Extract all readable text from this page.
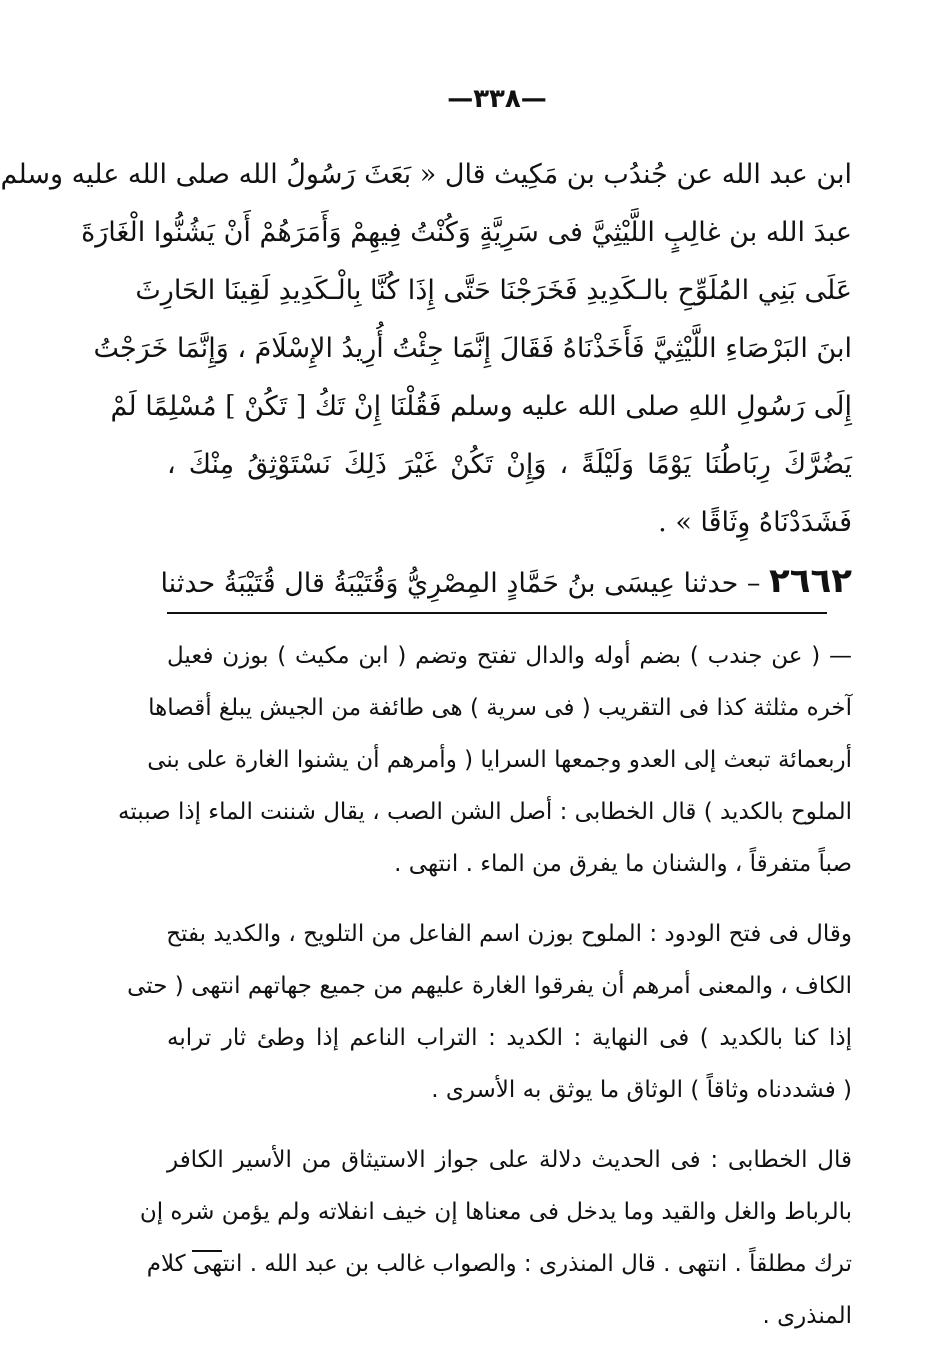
—٣٣٨—
ابن عبد الله عن جُندُب بن مَكِيث قال « بَعَثَ رَسُولُ الله صلى الله عليه وسلم
عبدَ الله بن غالِبٍ اللَّيْثِيَّ فى سَرِيَّةٍ وَكُنْتُ فِيهِمْ وَأَمَرَهُمْ أَنْ يَشُنُّوا الْغَارَةَ
عَلَى بَنِي المُلَوِّحِ بالـكَدِيدِ فَخَرَجْنَا حَتَّى إِذَا كُنَّا بِالْـكَدِيدِ لَقِينَا الحَارِثَ
ابنَ البَرْصَاءِ اللَّيْثِيَّ فَأَخَذْنَاهُ فَقَالَ إِنَّمَا جِئْتُ أُرِيدُ الإِسْلَامَ ، وَإِنَّمَا خَرَجْتُ
إِلَى رَسُولِ اللهِ صلى الله عليه وسلم فَقُلْنَا إِنْ تَكُ [ تَكُنْ ] مُسْلِمًا لَمْ
يَضُرَّكَ رِبَاطُنَا يَوْمًا وَلَيْلَةً ، وَإِنْ تَكُنْ غَيْرَ ذَلِكَ نَسْتَوْثِقُ مِنْكَ ،
فَشَدَدْنَاهُ وِثَاقًا » .
٢٦٦٢ – حدثنا عِيسَى بنُ حَمَّادٍ المِصْرِيُّ وَقُتَيْبَةُ قال قُتَيْبَةُ حدثنا
— ( عن جندب ) بضم أوله والدال تفتح وتضم ( ابن مكيث ) بوزن فعيل
آخره مثلثة كذا فى التقريب ( فى سرية ) هى طائفة من الجيش يبلغ أقصاها
أربعمائة تبعث إلى العدو وجمعها السرايا ( وأمرهم أن يشنوا الغارة على بنى
الملوح بالكديد ) قال الخطابى : أصل الشن الصب ، يقال شننت الماء إذا صببته
صباً متفرقاً ، والشنان ما يفرق من الماء . انتهى .
وقال فى فتح الودود : الملوح بوزن اسم الفاعل من التلويح ، والكديد بفتح
الكاف ، والمعنى أمرهم أن يفرقوا الغارة عليهم من جميع جهاتهم انتهى ( حتى
إذا كنا بالكديد ) فى النهاية : الكديد : التراب الناعم إذا وطئ ثار ترابه
( فشددناه وثاقاً ) الوثاق ما يوثق به الأسرى .
قال الخطابى : فى الحديث دلالة على جواز الاستيثاق من الأسير الكافر
بالرباط والغل والقيد وما يدخل فى معناها إن خيف انفلاته ولم يؤمن شره إن
ترك مطلقاً . انتهى . قال المنذرى : والصواب غالب بن عبد الله . انتهى كلام
المنذرى .
